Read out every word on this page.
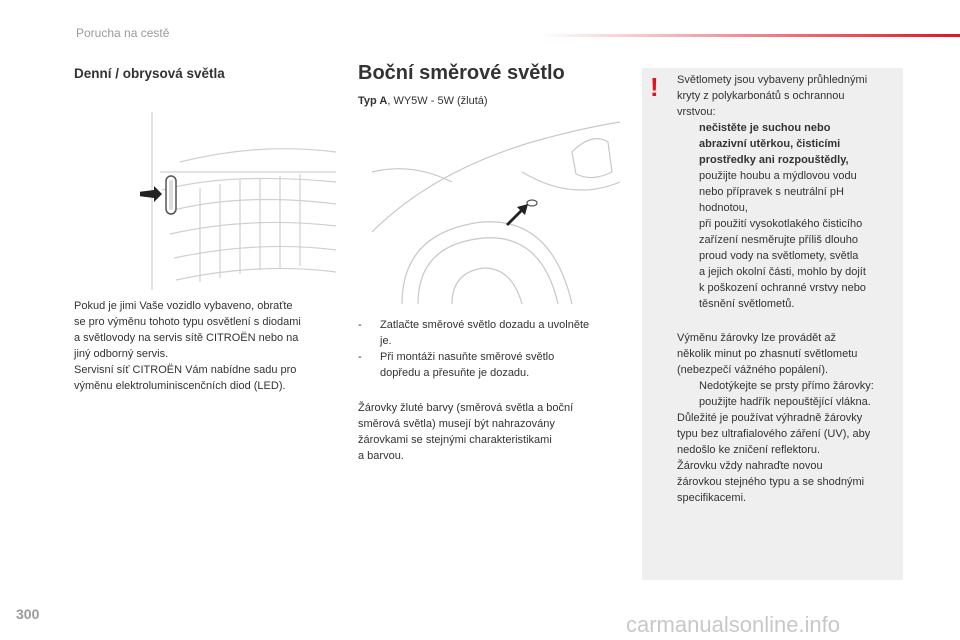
Porucha na cestě
Denní / obrysová světla
Pokud je jimi Vaše vozidlo vybaveno, obraťte
se pro výměnu tohoto typu osvětlení s diodami
a světlovody na servis sítě CITROËN nebo na
jiný odborný servis.
Servisní síť CITROËN Vám nabídne sadu pro
výměnu elektroluminiscenčních diod (LED).
Boční směrové světlo
Typ A, WY5W - 5W (žlutá)
-	Zatlačte směrové světlo dozadu a uvolněte
je.
-	Při montáži nasuňte směrové světlo
dopředu a přesuňte je dozadu.
Žárovky žluté barvy (směrová světla a boční
směrová světla) musejí být nahrazovány
žárovkami se stejnými charakteristikami
a barvou.
! Světlomety jsou vybaveny průhlednými
kryty z polykarbonátů s ochrannou
vrstvou:
nečistěte je suchou nebo
abrazivní utěrkou, čisticími
prostředky ani rozpouštědly,
použijte houbu a mýdlovou vodu
nebo přípravek s neutrální pH
hodnotou,
při použití vysokotlakého čisticího
zařízení nesměrujte příliš dlouho
proud vody na světlomety, světla
a jejich okolní části, mohlo by dojít
k poškození ochranné vrstvy nebo
těsnění světlometů.
Výměnu žárovky lze provádět až
několik minut po zhasnutí světlometu
(nebezpečí vážného popálení).
Nedotýkejte se prsty přímo žárovky:
použijte hadřík nepouštějící vlákna.
Důležité je používat výhradně žárovky
typu bez ultrafialového záření (UV), aby
nedošlo ke zničení reflektoru.
Žárovku vždy nahraďte novou
žárovkou stejného typu a se shodnými
specifikacemi.
300	carmanualsonline.info
